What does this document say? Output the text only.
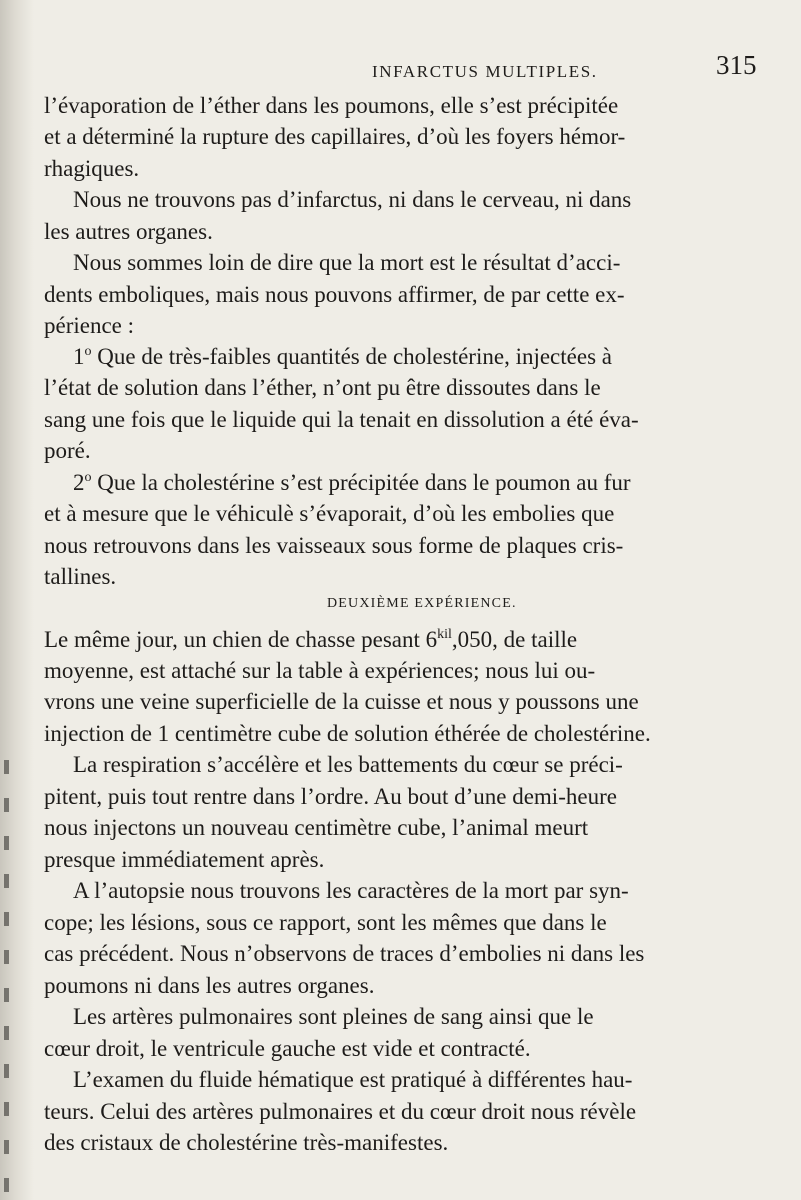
INFARCTUS MULTIPLES.	315
l’évaporation de l’éther dans les poumons, elle s’est précipitée
et a déterminé la rupture des capillaires, d’où les foyers hémor-
rhagiques.
Nous ne trouvons pas d’infarctus, ni dans le cerveau, ni dans
les autres organes.
Nous sommes loin de dire que la mort est le résultat d’acci-
dents emboliques, mais nous pouvons affirmer, de par cette ex-
périence :
1$^o$ Que de très-faibles quantités de cholestérine, injectées à
l’état de solution dans l’éther, n’ont pu être dissoutes dans le
sang une fois que le liquide qui la tenait en dissolution a été éva-
poré.
2$^o$ Que la cholestérine s’est précipitée dans le poumon au fur
et à mesure que le véhiculè s’évaporait, d’où les embolies que
nous retrouvons dans les vaisseaux sous forme de plaques cris-
tallines.
DEUXIÈME EXPÉRIENCE.
Le même jour, un chien de chasse pesant $6^{kil},050$, de taille
moyenne, est attaché sur la table à expériences; nous lui ou-
vrons une veine superficielle de la cuisse et nous y poussons une
injection de 1 centimètre cube de solution éthérée de cholestérine.
La respiration s’accélère et les battements du cœur se préci-
pitent, puis tout rentre dans l’ordre. Au bout d’une demi-heure
nous injectons un nouveau centimètre cube, l’animal meurt
presque immédiatement après.
A l’autopsie nous trouvons les caractères de la mort par syn-
cope; les lésions, sous ce rapport, sont les mêmes que dans le
cas précédent. Nous n’observons de traces d’embolies ni dans les
poumons ni dans les autres organes.
Les artères pulmonaires sont pleines de sang ainsi que le
cœur droit, le ventricule gauche est vide et contracté.
L’examen du fluide hématique est pratiqué à différentes hau-
teurs. Celui des artères pulmonaires et du cœur droit nous révèle
des cristaux de cholestérine très-manifestes.
